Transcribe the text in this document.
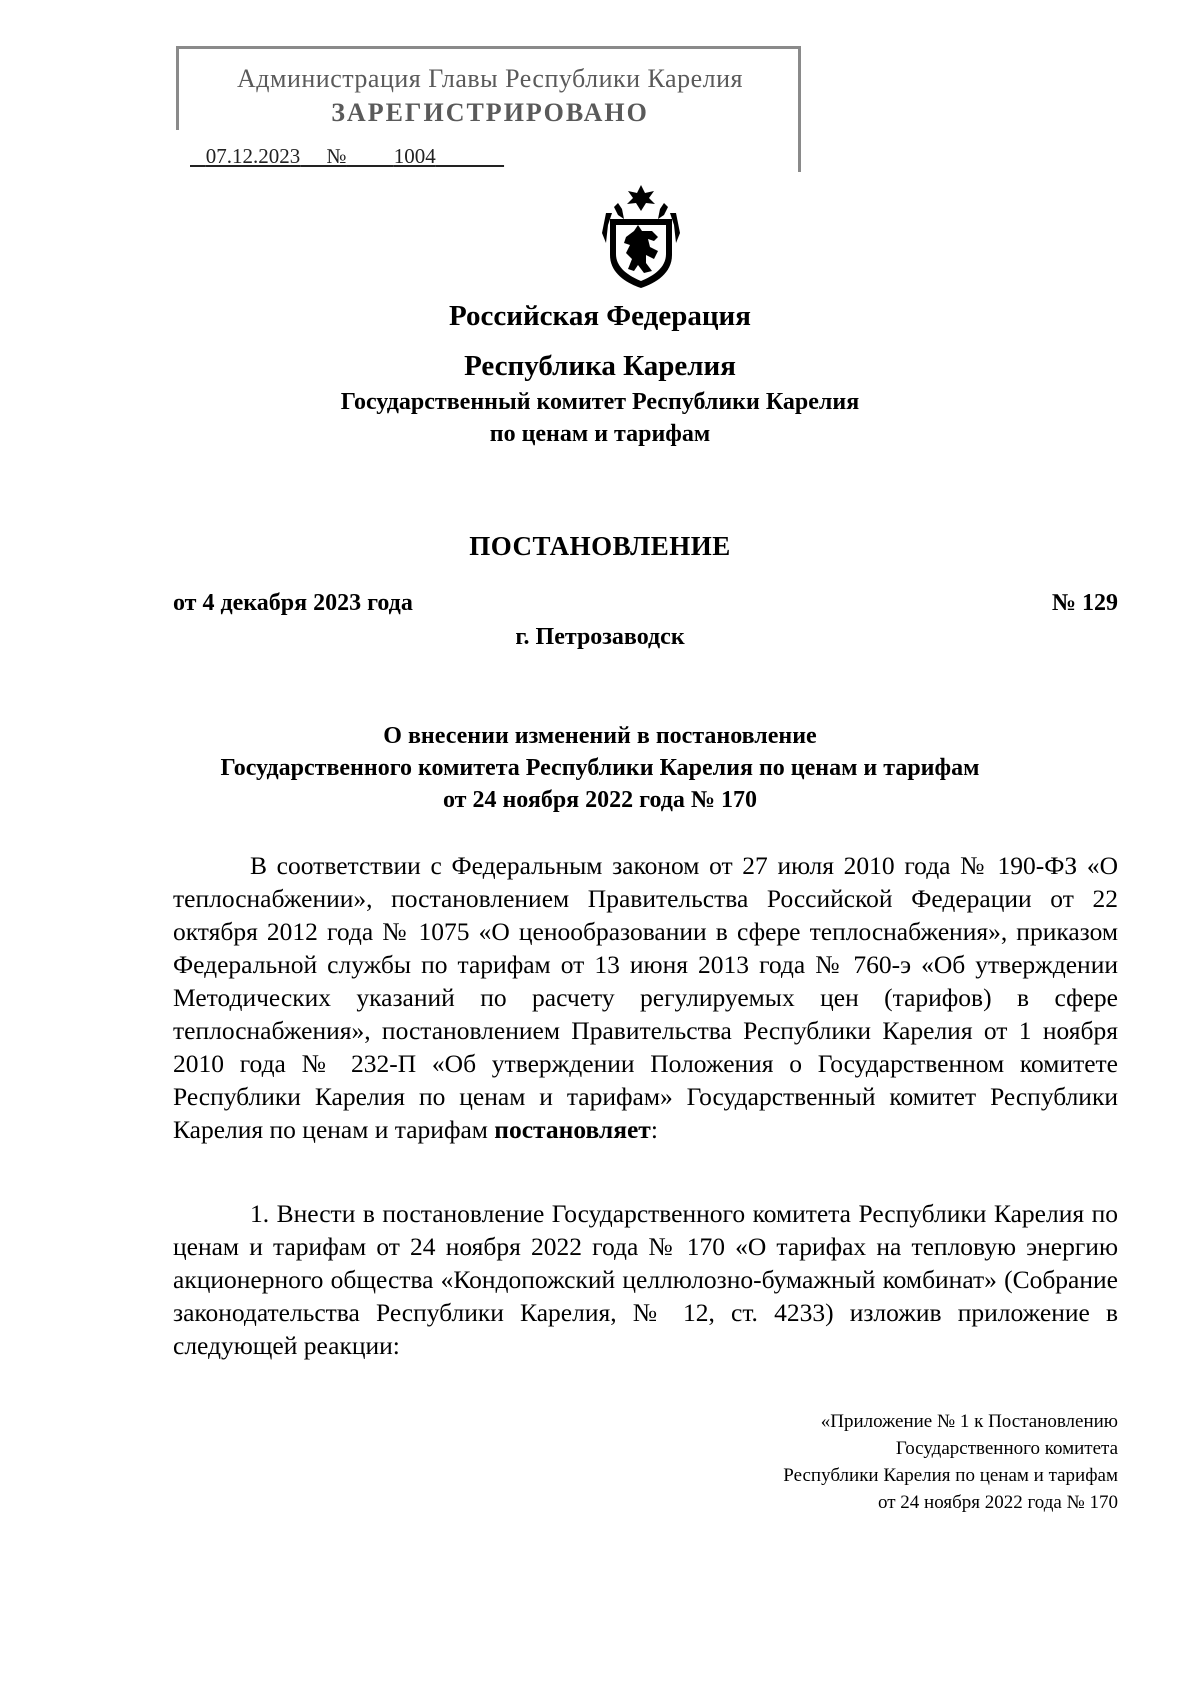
Администрация Главы Республики Карелия
ЗАРЕГИСТРИРОВАНО
07.12.2023 № 1004
Российская Федерация
Республика Карелия
Государственный комитет Республики Карелия
по ценам и тарифам
ПОСТАНОВЛЕНИЕ
от 4 декабря 2023 года	№ 129
г. Петрозаводск
О внесении изменений в постановление
Государственного комитета Республики Карелия по ценам и тарифам
от 24 ноября 2022 года № 170
В соответствии с Федеральным законом от 27 июля 2010 года № 190-ФЗ «О теплоснабжении», постановлением Правительства Российской Федерации от 22 октября 2012 года № 1075 «О ценообразовании в сфере теплоснабжения», приказом Федеральной службы по тарифам от 13 июня 2013 года № 760-э «Об утверждении Методических указаний по расчету регулируемых цен (тарифов) в сфере теплоснабжения», постановлением Правительства Республики Карелия от 1 ноября 2010 года № 232-П «Об утверждении Положения о Государственном комитете Республики Карелия по ценам и тарифам» Государственный комитет Республики Карелия по ценам и тарифам постановляет:
1. Внести в постановление Государственного комитета Республики Карелия по ценам и тарифам от 24 ноября 2022 года № 170 «О тарифах на тепловую энергию акционерного общества «Кондопожский целлюлозно-бумажный комбинат» (Собрание законодательства Республики Карелия, № 12, ст. 4233) изложив приложение в следующей реакции:
«Приложение № 1 к Постановлению
Государственного комитета
Республики Карелия по ценам и тарифам
от 24 ноября 2022 года № 170
